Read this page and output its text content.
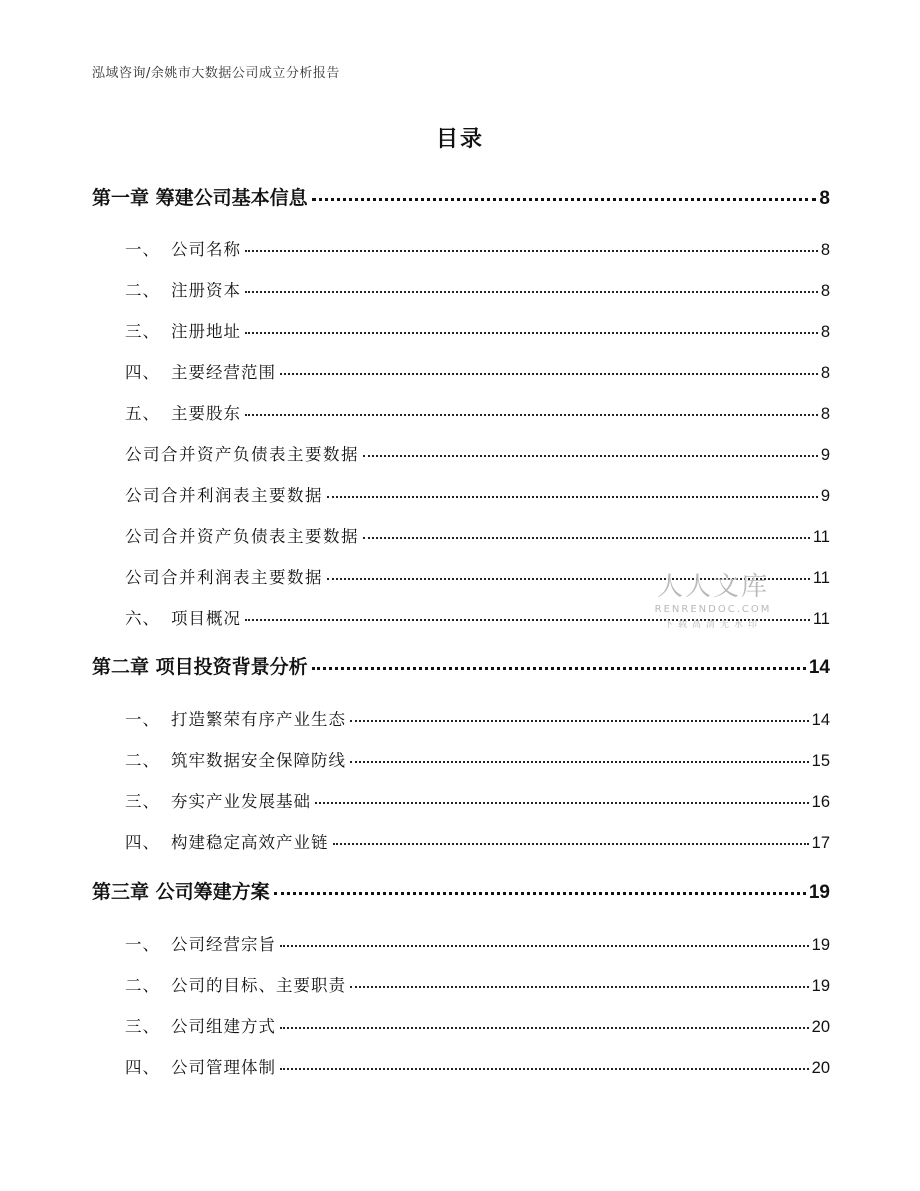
泓域咨询/余姚市大数据公司成立分析报告
目录
第一章 筹建公司基本信息	8
一、 公司名称	8
二、 注册资本	8
三、 注册地址	8
四、 主要经营范围	8
五、 主要股东	8
公司合并资产负债表主要数据	9
公司合并利润表主要数据	9
公司合并资产负债表主要数据	11
公司合并利润表主要数据	11
六、 项目概况	11
第二章 项目投资背景分析	14
一、 打造繁荣有序产业生态	14
二、 筑牢数据安全保障防线	15
三、 夯实产业发展基础	16
四、 构建稳定高效产业链	17
第三章 公司筹建方案	19
一、 公司经营宗旨	19
二、 公司的目标、主要职责	19
三、 公司组建方式	20
四、 公司管理体制	20
人人文库
RENRENDOC.COM
下载高清无水印
